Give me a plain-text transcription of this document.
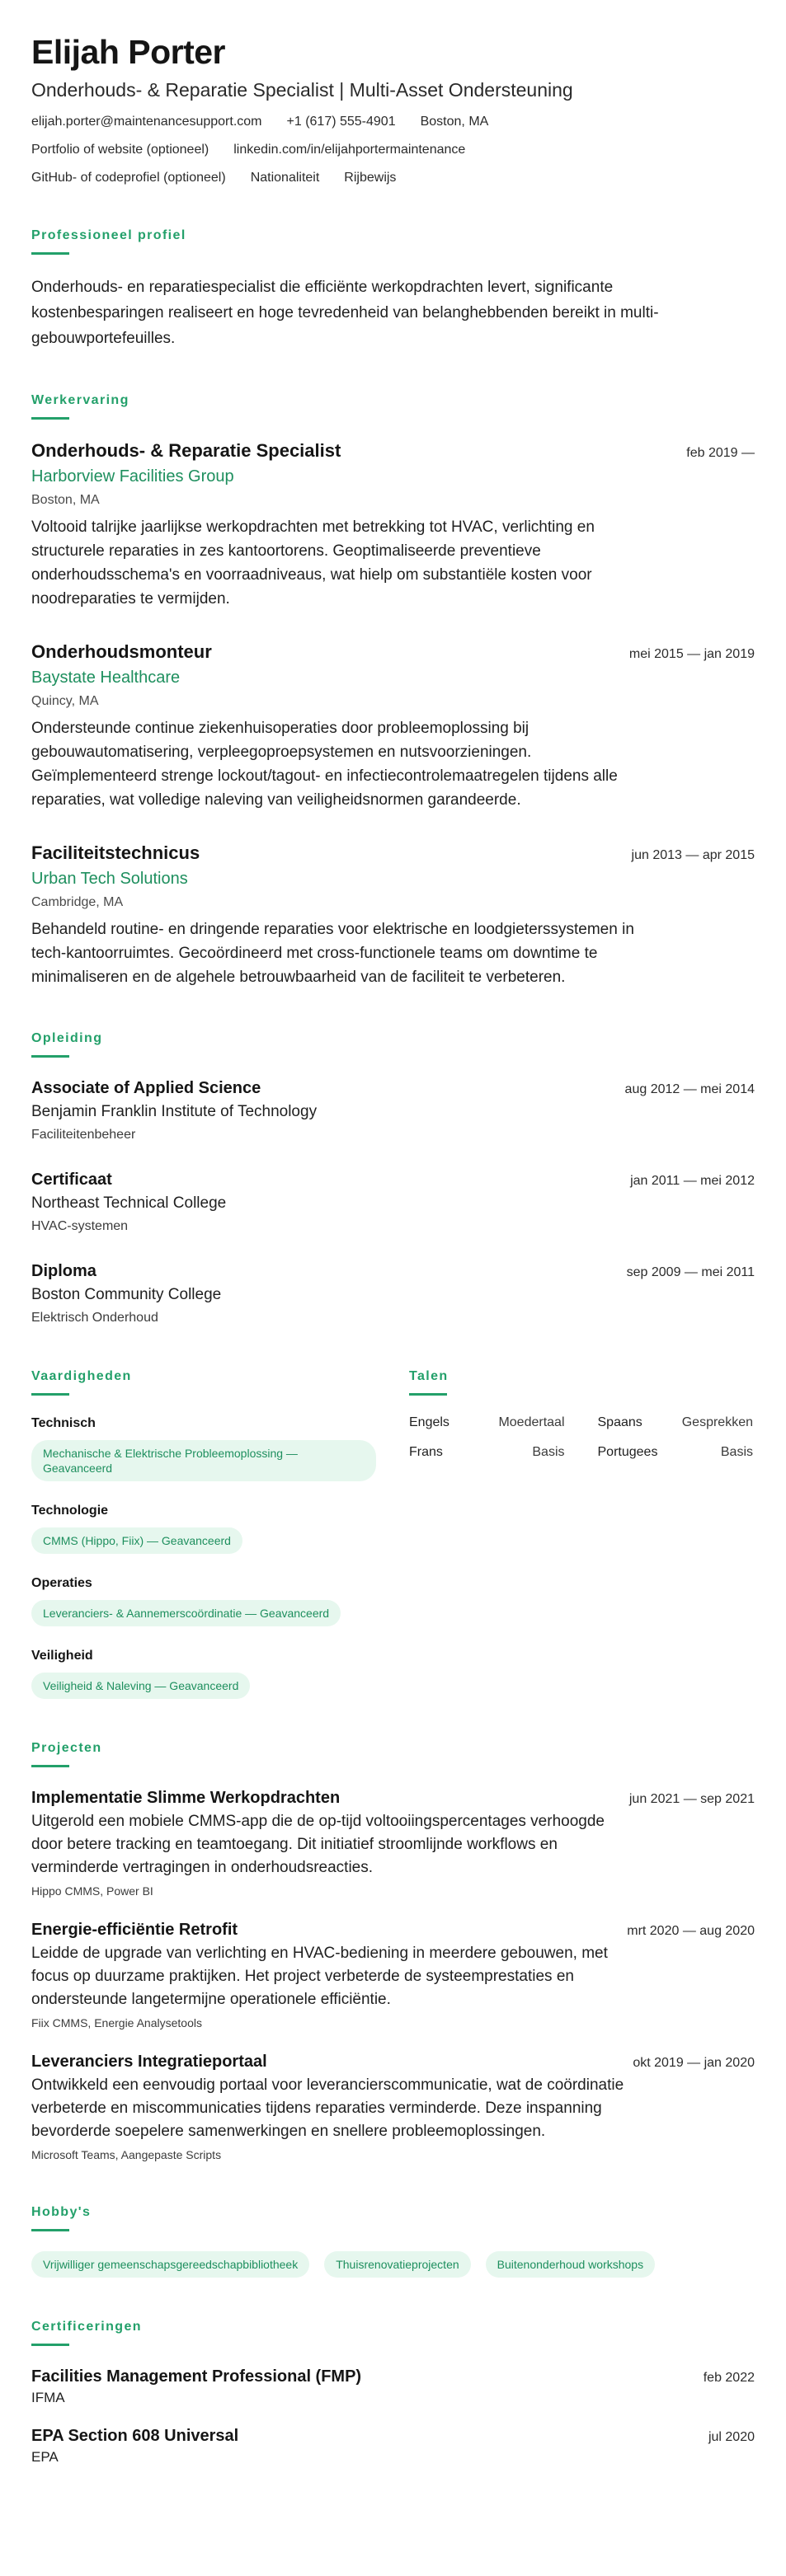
Elijah Porter
Onderhouds- & Reparatie Specialist | Multi-Asset Ondersteuning
elijah.porter@maintenancesupport.com +1 (617) 555-4901 Boston, MA
Portfolio of website (optioneel) linkedin.com/in/elijahportermaintenance
GitHub- of codeprofiel (optioneel) Nationaliteit Rijbewijs
Professioneel profiel
Onderhouds- en reparatiespecialist die efficiënte werkopdrachten levert, significante kostenbesparingen realiseert en hoge tevredenheid van belanghebbenden bereikt in multi-gebouwportefeuilles.
Werkervaring
Onderhouds- & Reparatie Specialist	feb 2019 —
Harborview Facilities Group
Boston, MA
Voltooid talrijke jaarlijkse werkopdrachten met betrekking tot HVAC, verlichting en structurele reparaties in zes kantoortorens. Geoptimaliseerde preventieve onderhoudsschema's en voorraadniveaus, wat hielp om substantiële kosten voor noodreparaties te vermijden.
Onderhoudsmonteur	mei 2015 — jan 2019
Baystate Healthcare
Quincy, MA
Ondersteunde continue ziekenhuisoperaties door probleemoplossing bij gebouwautomatisering, verpleegoproepsystemen en nutsvoorzieningen. Geïmplementeerd strenge lockout/tagout- en infectiecontrolemaatregelen tijdens alle reparaties, wat volledige naleving van veiligheidsnormen garandeerde.
Faciliteitstechnicus	jun 2013 — apr 2015
Urban Tech Solutions
Cambridge, MA
Behandeld routine- en dringende reparaties voor elektrische en loodgieterssystemen in tech-kantoorruimtes. Gecoördineerd met cross-functionele teams om downtime te minimaliseren en de algehele betrouwbaarheid van de faciliteit te verbeteren.
Opleiding
Associate of Applied Science	aug 2012 — mei 2014
Benjamin Franklin Institute of Technology
Faciliteitenbeheer
Certificaat	jan 2011 — mei 2012
Northeast Technical College
HVAC-systemen
Diploma	sep 2009 — mei 2011
Boston Community College
Elektrisch Onderhoud
Vaardigheden
Technisch
Mechanische & Elektrische Probleemoplossing — Geavanceerd
Technologie
CMMS (Hippo, Fiix) — Geavanceerd
Operaties
Leveranciers- & Aannemerscoördinatie — Geavanceerd
Veiligheid
Veiligheid & Naleving — Geavanceerd
Talen
Engels	Moedertaal	Spaans	Gesprekken
Frans	Basis	Portugees	Basis
Projecten
Implementatie Slimme Werkopdrachten	jun 2021 — sep 2021
Uitgerold een mobiele CMMS-app die de op-tijd voltooiingspercentages verhoogde door betere tracking en teamtoegang. Dit initiatief stroomlijnde workflows en verminderde vertragingen in onderhoudsreacties.
Hippo CMMS, Power BI
Energie-efficiëntie Retrofit	mrt 2020 — aug 2020
Leidde de upgrade van verlichting en HVAC-bediening in meerdere gebouwen, met focus op duurzame praktijken. Het project verbeterde de systeemprestaties en ondersteunde langetermijne operationele efficiëntie.
Fiix CMMS, Energie Analysetools
Leveranciers Integratieportaal	okt 2019 — jan 2020
Ontwikkeld een eenvoudig portaal voor leverancierscommunicatie, wat de coördinatie verbeterde en miscommunicaties tijdens reparaties verminderde. Deze inspanning bevorderde soepelere samenwerkingen en snellere probleemoplossingen.
Microsoft Teams, Aangepaste Scripts
Hobby's
Vrijwilliger gemeenschapsgereedschapbibliotheek	Thuisrenovatieprojecten	Buitenonderhoud workshops
Certificeringen
Facilities Management Professional (FMP)	feb 2022
IFMA
EPA Section 608 Universal	jul 2020
EPA
